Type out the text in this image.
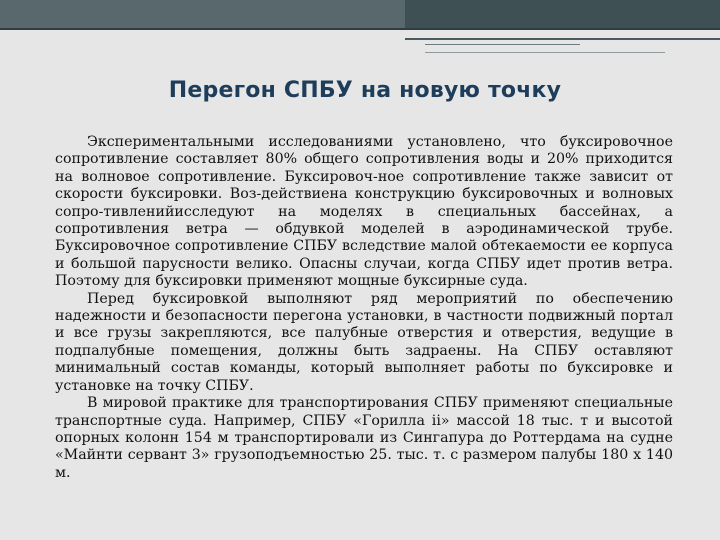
Перегон СПБУ на новую точку

Экспериментальными исследованиями установлено, что буксировочное сопротивление составляет 80% общего сопротивления воды и 20% приходится на волновое сопротивление. Буксировоч-ное сопротивление также зависит от скорости буксировки. Воз-действиена конструкцию буксировочных и волновых сопро-тивленийисследуют на моделях в специальных бассейнах, а сопротивления ветра — обдувкой моделей в аэродинамической трубе. Буксировочное сопротивление СПБУ вследствие малой обтекаемости ее корпуса и большой парусности велико. Опасны случаи, когда СПБУ идет против ветра. Поэтому для буксировки применяют мощные буксирные суда.

Перед буксировкой выполняют ряд мероприятий по обеспечению надежности и безопасности перегона установки, в частности подвижный портал и все грузы закрепляются, все палубные отверстия и отверстия, ведущие в подпалубные помещения, должны быть задраены. На СПБУ оставляют минимальный состав команды, который выполняет работы по буксировке и установке на точку СПБУ.

В мировой практике для транспортирования СПБУ применяют специальные транспортные суда. Например, СПБУ «Горилла ii» массой 18 тыс. т и высотой опорных колонн 154 м транспортировали из Сингапура до Роттердама на судне «Майнти сервант 3» грузоподъемностью 25. тыс. т. с размером палубы 180 x 140 м.
